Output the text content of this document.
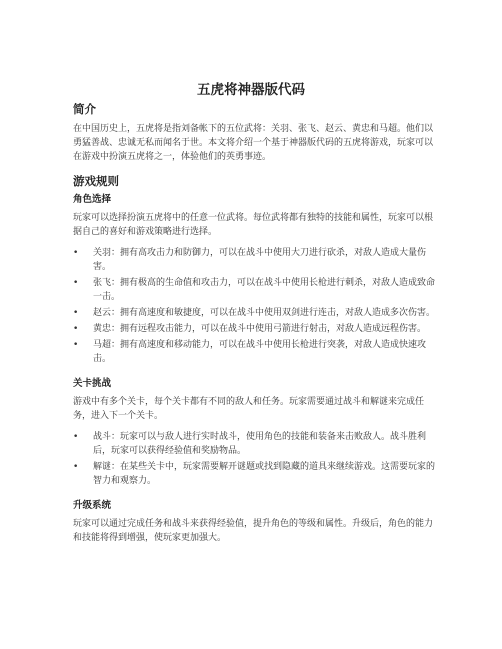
五虎将神器版代码
简介

在中国历史上，五虎将是指刘备帐下的五位武将：关羽、张飞、赵云、黄忠和马超。他们以勇猛善战、忠诚无私而闻名于世。本文将介绍一个基于神器版代码的五虎将游戏，玩家可以在游戏中扮演五虎将之一，体验他们的英勇事迹。

游戏规则
角色选择

玩家可以选择扮演五虎将中的任意一位武将。每位武将都有独特的技能和属性，玩家可以根据自己的喜好和游戏策略进行选择。

• 关羽：拥有高攻击力和防御力，可以在战斗中使用大刀进行砍杀，对敌人造成大量伤害。
• 张飞：拥有极高的生命值和攻击力，可以在战斗中使用长枪进行刺杀，对敌人造成致命一击。
• 赵云：拥有高速度和敏捷度，可以在战斗中使用双剑进行连击，对敌人造成多次伤害。
• 黄忠：拥有远程攻击能力，可以在战斗中使用弓箭进行射击，对敌人造成远程伤害。
• 马超：拥有高速度和移动能力，可以在战斗中使用长枪进行突袭，对敌人造成快速攻击。
关卡挑战

游戏中有多个关卡，每个关卡都有不同的敌人和任务。玩家需要通过战斗和解谜来完成任务，进入下一个关卡。

• 战斗：玩家可以与敌人进行实时战斗，使用角色的技能和装备来击败敌人。战斗胜利后，玩家可以获得经验值和奖励物品。
• 解谜：在某些关卡中，玩家需要解开谜题或找到隐藏的道具来继续游戏。这需要玩家的智力和观察力。
升级系统

玩家可以通过完成任务和战斗来获得经验值，提升角色的等级和属性。升级后，角色的能力和技能将得到增强，使玩家更加强大。
